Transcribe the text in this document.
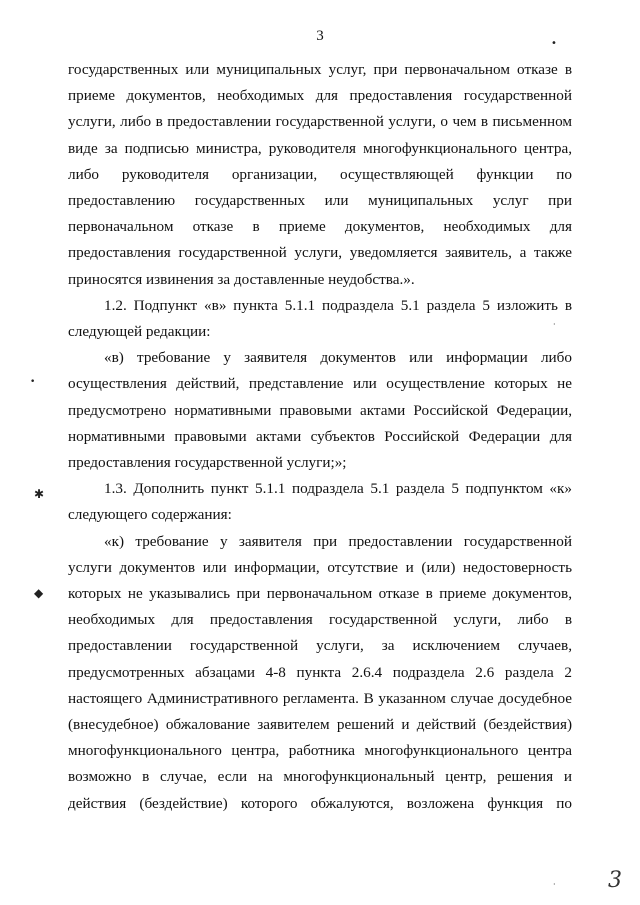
3	•
•
✱
◆
·
·

государственных или муниципальных услуг, при первоначальном отказе в приеме документов, необходимых для предоставления государственной услуги, либо в предоставлении государственной услуги, о чем в письменном виде за подписью министра, руководителя многофункционального центра, либо руководителя организации, осуществляющей функции по предоставлению государственных или муниципальных услуг при первоначальном отказе в приеме документов, необходимых для предоставления государственной услуги, уведомляется заявитель, а также приносятся извинения за доставленные неудобства.».

1.2. Подпункт «в» пункта 5.1.1 подраздела 5.1 раздела 5 изложить в следующей редакции:

«в) требование у заявителя документов или информации либо осуществления действий, представление или осуществление которых не предусмотрено нормативными правовыми актами Российской Федерации, нормативными правовыми актами субъектов Российской Федерации для предоставления государственной услуги;»;

1.3. Дополнить пункт 5.1.1 подраздела 5.1 раздела 5 подпунктом «к» следующего содержания:

«к) требование у заявителя при предоставлении государственной услуги документов или информации, отсутствие и (или) недостоверность которых не указывались при первоначальном отказе в приеме документов, необходимых для предоставления государственной услуги, либо в предоставлении государственной услуги, за исключением случаев, предусмотренных абзацами 4-8 пункта 2.6.4 подраздела 2.6 раздела 2 настоящего Административного регламента. В указанном случае досудебное (внесудебное) обжалование заявителем решений и действий (бездействия) многофункционального центра, работника многофункционального центра возможно в случае, если на многофункциональный центр, решения и действия (бездействие) которого обжалуются, возложена функция по

3
